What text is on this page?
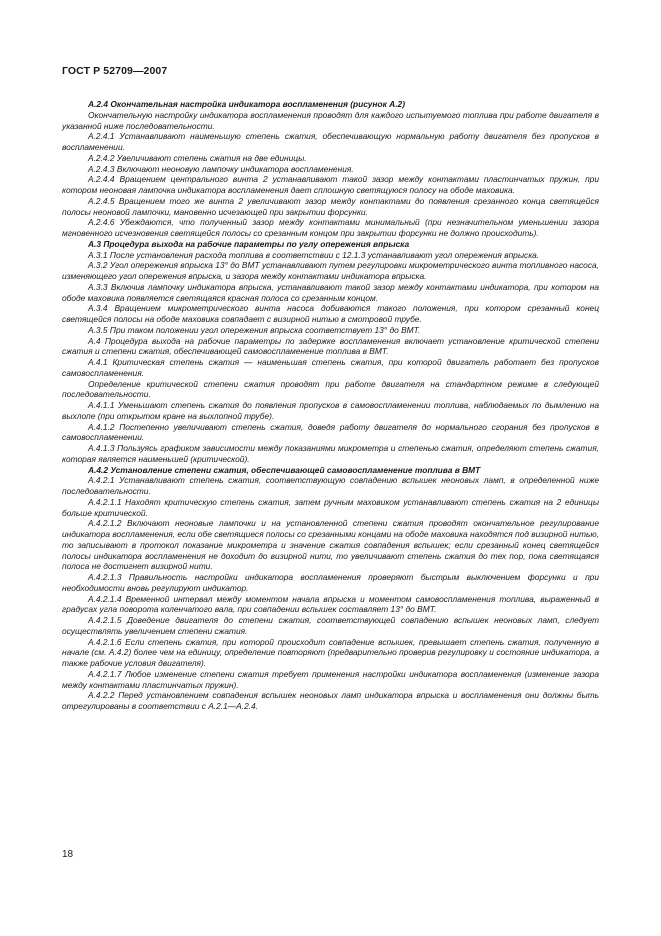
ГОСТ Р 52709—2007

А.2.4 Окончательная настройка индикатора воспламенения (рисунок А.2)

Окончательную настройку индикатора воспламенения проводят для каждого испытуемого топлива при работе двигателя в указанной ниже последовательности.

А.2.4.1 Устанавливают наименьшую степень сжатия, обеспечивающую нормальную работу двигателя без пропусков в воспламенении.

А.2.4.2 Увеличивают степень сжатия на две единицы.

А.2.4.3 Включают неоновую лампочку индикатора воспламенения.

А.2.4.4 Вращением центрального винта 2 устанавливают такой зазор между контактами пластинчатых пружин, при котором неоновая лампочка индикатора воспламенения дает сплошную светящуюся полосу на ободе маховика.

А.2.4.5 Вращением того же винта 2 увеличивают зазор между контактами до появления срезанного конца светящейся полосы неоновой лампочки, мановенно исчезающей при закрытии форсунки.

А.2.4.6 Убеждаются, что полученный зазор между контактами минимальный (при незначительном уменьшении зазора мгновенного исчезновения светящейся полосы со срезанным концом при закрытии форсунки не должно происходить).

А.3 Процедура выхода на рабочие параметры по углу опережения впрыска

А.3.1 После установления расхода топлива в соответствии с 12.1.3 устанавливают угол опережения впрыска.

А.3.2 Угол опережения впрыска 13° до ВМТ устанавливают путем регулировки микрометрического винта топливного насоса, изменяющего угол опережения впрыска, и зазора между контактами индикатора впрыска.

А.3.3 Включив лампочку индикатора впрыска, устанавливают такой зазор между контактами индикатора, при котором на ободе маховика появляется светящаяся красная полоса со срезанным концом.

А.3.4 Вращением микрометрического винта насоса добиваются такого положения, при котором срезанный конец светящейся полосы на ободе маховика совпадает с визирной нитью в смотровой трубе.

А.3.5 При таком положении угол опережения впрыска соответствует 13° до ВМТ.

А.4 Процедура выхода на рабочие параметры по задержке воспламенения включает установление критической степени сжатия и степени сжатия, обеспечивающей самовоспламенение топлива в ВМТ.

А.4.1 Критическая степень сжатия — наименьшая степень сжатия, при которой двигатель работает без пропусков самовоспламенения.

Определение критической степени сжатия проводят при работе двигателя на стандартном режиме в следующей последовательности.

А.4.1.1 Уменьшают степень сжатия до появления пропусков в самовоспламенении топлива, наблюдаемых по дымлению на выхлопе (при открытом кране на выхлопной трубе).

А.4.1.2 Постепенно увеличивают степень сжатия, доведя работу двигателя до нормального сгорания без пропусков в самовоспламенении.

А.4.1.3 Пользуясь графиком зависимости между показаниями микрометра и степенью сжатия, определяют степень сжатия, которая является наименьшей (критической).

А.4.2 Установление степени сжатия, обеспечивающей самовоспламенение топлива в ВМТ

А.4.2.1 Устанавливают степень сжатия, соответствующую совпадению вспышек неоновых ламп, в определенной ниже последовательности.

А.4.2.1.1 Находят критическую степень сжатия, затем ручным маховиком устанавливают степень сжатия на 2 единицы больше критической.

А.4.2.1.2 Включают неоновые лампочки и на установленной степени сжатия проводят окончательное регулирование индикатора воспламенения, если обе светящиеся полосы со срезанными концами на ободе маховика находятся под визирной нитью, то записывают в протокол показание микрометра и значение сжатия совпадения вспышек; если срезанный конец светящейся полосы индикатора воспламенения не доходит до визирной нити, то увеличивают степень сжатия до тех пор, пока светящаяся полоса не достигнет визирной нити.

А.4.2.1.3 Правильность настройки индикатора воспламенения проверяют быстрым выключением форсунки и при необходимости вновь регулируют индикатор.

А.4.2.1.4 Временной интервал между моментом начала впрыска и моментом самовоспламенения топлива, выраженный в градусах угла поворота коленчатого вала, при совпадении вспышек составляет 13° до ВМТ.

А.4.2.1.5 Доведение двигателя до степени сжатия, соответствующей совпадению вспышек неоновых ламп, следует осуществлять увеличением степени сжатия.

А.4.2.1.6 Если степень сжатия, при которой происходит совпадение вспышек, превышает степень сжатия, полученную в начале (см. А.4.2) более чем на единицу, определение повторяют (предварительно проверив регулировку и состояние индикатора, а также рабочие условия двигателя).

А.4.2.1.7 Любое изменение степени сжатия требует применения настройки индикатора воспламенения (изменение зазора между контактами пластинчатых пружин).

А.4.2.2 Перед установлением совпадения вспышек неоновых ламп индикатора впрыска и воспламенения они должны быть отрегулированы в соответствии с А.2.1—А.2.4.

18
